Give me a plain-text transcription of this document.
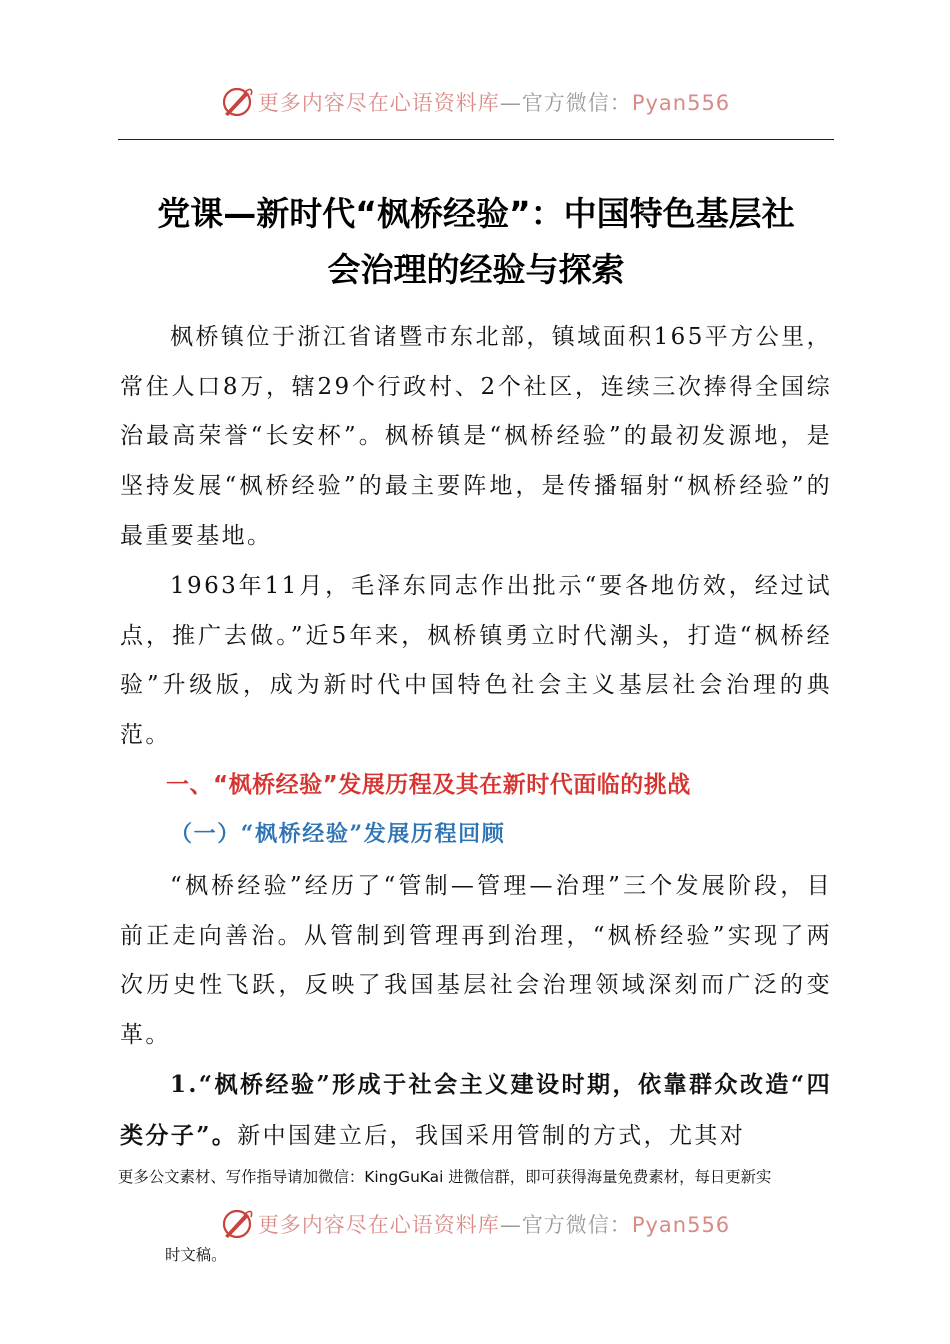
更多内容尽在心语资料库—官方微信：Pyan556
党课—新时代“枫桥经验”：中国特色基层社
会治理的经验与探索

枫桥镇位于浙江省诸暨市东北部，镇域面积165平方公里，常住人口8万，辖29个行政村、2个社区，连续三次捧得全国综治最高荣誉“长安杯”。枫桥镇是“枫桥经验”的最初发源地，是坚持发展“枫桥经验”的最主要阵地，是传播辐射“枫桥经验”的最重要基地。

1963年11月，毛泽东同志作出批示“要各地仿效，经过试点，推广去做。”近5年来，枫桥镇勇立时代潮头，打造“枫桥经验”升级版，成为新时代中国特色社会主义基层社会治理的典范。

一、“枫桥经验”发展历程及其在新时代面临的挑战
（一）“枫桥经验”发展历程回顾

“枫桥经验”经历了“管制—管理—治理”三个发展阶段，目前正走向善治。从管制到管理再到治理，“枫桥经验”实现了两次历史性飞跃，反映了我国基层社会治理领域深刻而广泛的变革。

1.“枫桥经验”形成于社会主义建设时期，依靠群众改造“四类分子”。新中国建立后，我国采用管制的方式，尤其对

更多公文素材、写作指导请加微信：KingGuKai 进微信群，即可获得海量免费素材，每日更新实

更多内容尽在心语资料库—官方微信：Pyan556

时文稿。
